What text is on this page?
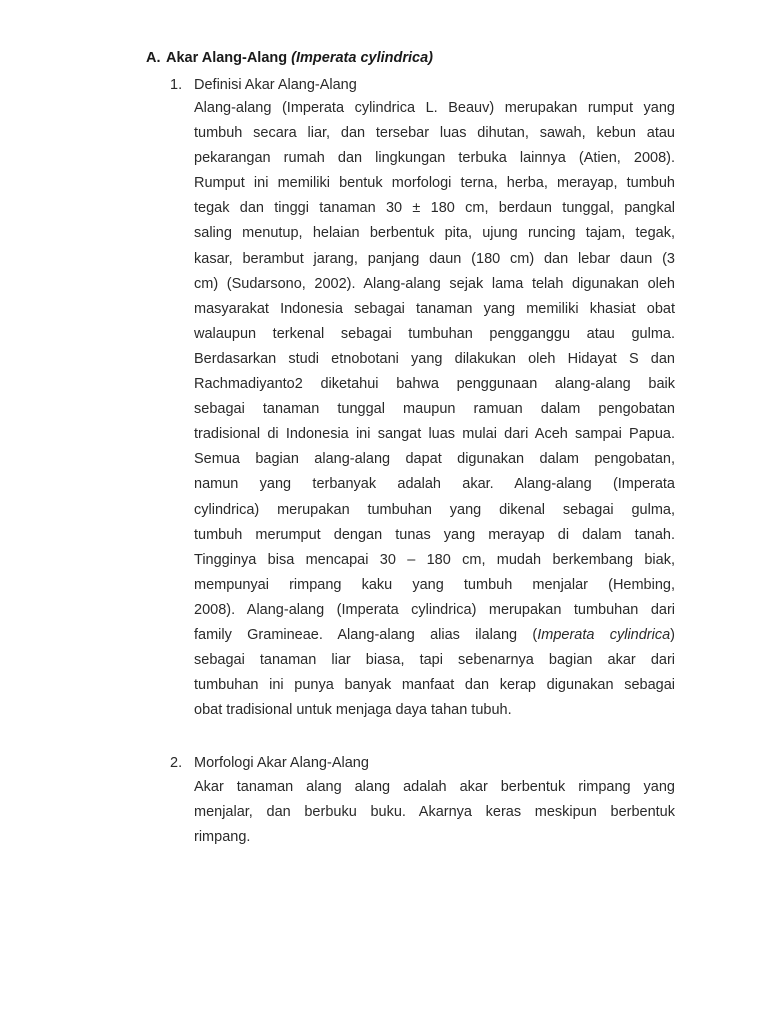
A. Akar Alang-Alang (Imperata cylindrica)
1. Definisi Akar Alang-Alang
Alang-alang (Imperata cylindrica L. Beauv) merupakan rumput yang
tumbuh secara liar, dan tersebar luas dihutan, sawah, kebun atau
pekarangan rumah dan lingkungan terbuka lainnya (Atien, 2008).
Rumput ini memiliki bentuk morfologi terna, herba, merayap, tumbuh
tegak dan tinggi tanaman 30 ± 180 cm, berdaun tunggal, pangkal
saling menutup, helaian berbentuk pita, ujung runcing tajam, tegak,
kasar, berambut jarang, panjang daun (180 cm) dan lebar daun (3
cm) (Sudarsono, 2002). Alang-alang sejak lama telah digunakan oleh
masyarakat Indonesia sebagai tanaman yang memiliki khasiat obat
walaupun terkenal sebagai tumbuhan pengganggu atau gulma.
Berdasarkan studi etnobotani yang dilakukan oleh Hidayat S dan
Rachmadiyanto2 diketahui bahwa penggunaan alang-alang baik
sebagai tanaman tunggal maupun ramuan dalam pengobatan
tradisional di Indonesia ini sangat luas mulai dari Aceh sampai Papua.
Semua bagian alang-alang dapat digunakan dalam pengobatan,
namun yang terbanyak adalah akar. Alang-alang (Imperata
cylindrica) merupakan tumbuhan yang dikenal sebagai gulma,
tumbuh merumput dengan tunas yang merayap di dalam tanah.
Tingginya bisa mencapai 30 – 180 cm, mudah berkembang biak,
mempunyai rimpang kaku yang tumbuh menjalar (Hembing,
2008). Alang-alang (Imperata cylindrica) merupakan tumbuhan dari
family Gramineae. Alang-alang alias ilalang (Imperata cylindrica)
sebagai tanaman liar biasa, tapi sebenarnya bagian akar dari
tumbuhan ini punya banyak manfaat dan kerap digunakan sebagai
obat tradisional untuk menjaga daya tahan tubuh.
2. Morfologi Akar Alang-Alang
Akar tanaman alang alang adalah akar berbentuk rimpang yang
menjalar, dan berbuku buku. Akarnya keras meskipun berbentuk
rimpang.
